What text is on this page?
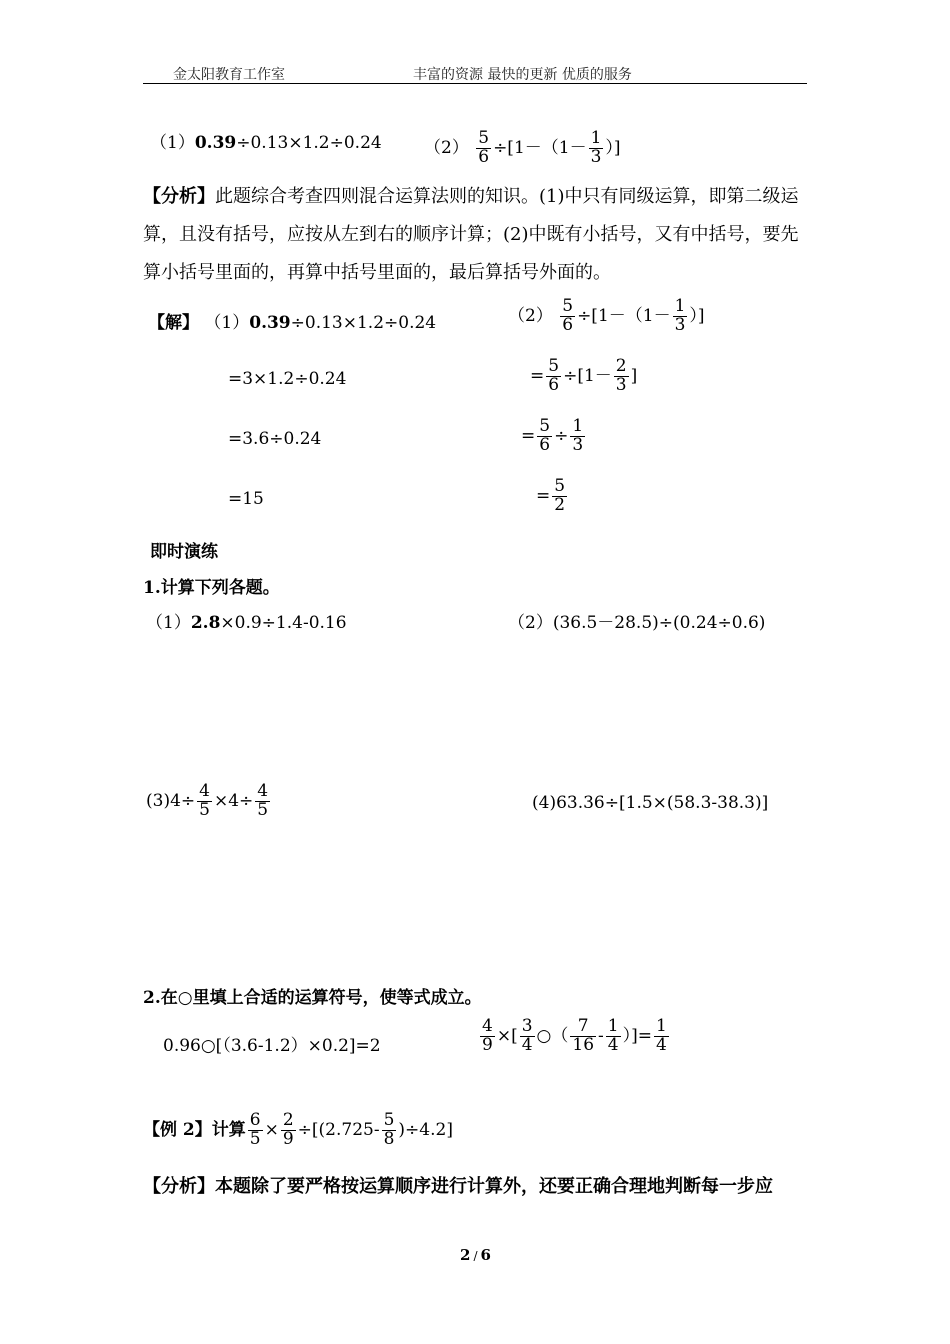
金太阳教育工作室	丰富的资源 最快的更新 优质的服务
（1）0.39÷0.13×1.2÷0.24 $(2) \frac{5}{6} \div[1-(1- \frac{1}{3}$ ）]
【分析】此题综合考查四则混合运算法则的知识。(1)中只有同级运算，即第二级运算，且没有括号，应按从左到右的顺序计算；(2)中既有小括号，又有中括号，要先算小括号里面的，再算中括号里面的，最后算括号外面的。
【解】 （1）0.39÷0.13×1.2÷0.24
=3×1.2÷0.24
=3.6÷0.24
=15
$(2) \frac{5}{6} \div[1-(1- \frac{1}{3}$ ）]
= $\frac{5}{6} \div[1- \frac{2}{3}$ ]
= $\frac{5}{6} \div \frac{1}{3}$
= $\frac{5}{2}$
即时演练
1.计算下列各题。
（1）2.8×0.9÷1.4-0.16	（2）(36.5－28.5)÷(0.24÷0.6)
$(3)4\div \frac{4}{5} \times 4\div \frac{4}{5}$	(4)63.36÷[1.5×(58.3-38.3)]
2.在○里填上合适的运算符号，使等式成立。
0.96○[（3.6-1.2）×0.2]=2	$\frac{4}{9}$ ×[ $\frac{3}{4}$ ○（ $\frac{7}{16} - \frac{1}{4}$ ）]= $\frac{1}{4}$
【例 2】计算 $\frac{6}{5} \times \frac{2}{9} \div[(2.725- \frac{5}{8} )\div 4.2]$
【分析】本题除了要严格按运算顺序进行计算外，还要正确合理地判断每一步应
2 / 6
